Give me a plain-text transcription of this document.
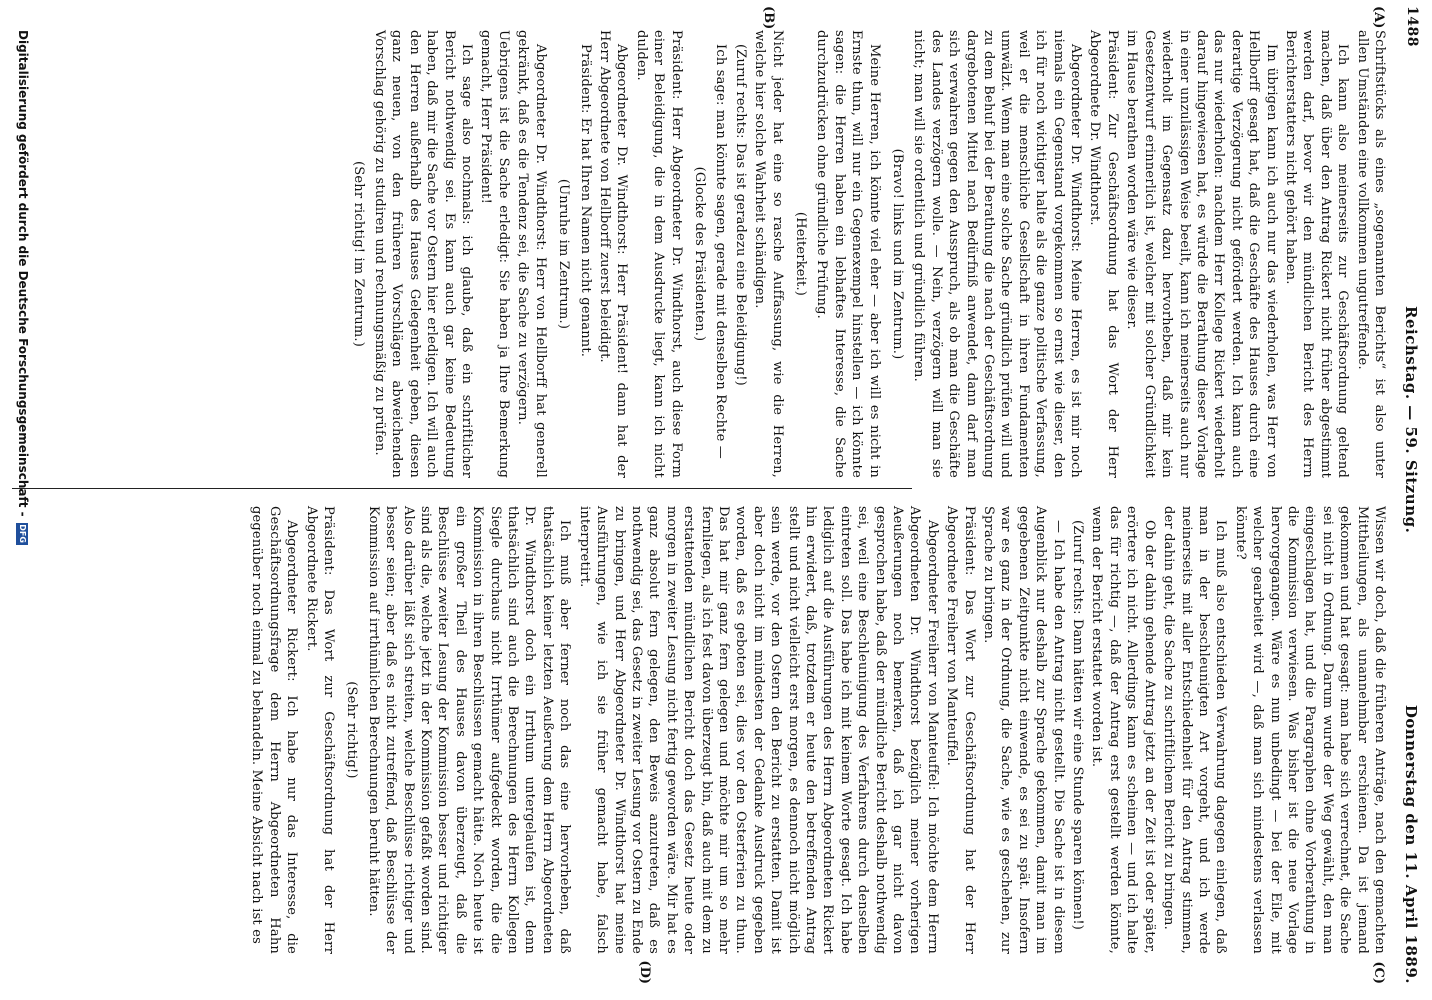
1488
Reichstag. — 59. Sitzung.
Donnerstag den 11. April 1889.
(A)
(B)
(C)
(D)

Schriftstücks als eines „sogenannten Berichts“ ist also unter allen Umständen eine vollkommen ungutreffende.

Ich kann also meinerseits zur Geschäftsordnung geltend machen, daß über den Antrag Rickert nicht früher abgestimmt werden darf, bevor wir den mündlichen Bericht des Herrn Berichterstatters nicht gehört haben.

Im übrigen kann ich auch nur das wiederholen, was Herr von Hellborff gesagt hat, daß die Geschäfte des Hauses durch eine derartige Verzögerung nicht gefördert werden. Ich kann auch das nur wiederholen: nachdem Herr Kollege Rickert wiederholt darauf hingewiesen hat, es würde die Berathung dieser Vorlage in einer unzulässigen Weise beeilt, kann ich meinerseits auch nur wiederholt im Gegensatz dazu hervorheben, daß mir kein Gesetzentwurf erinnerlich ist, welcher mit solcher Gründlichkeit im Hause berathen worden wäre wie dieser.

Präsident: Zur Geschäftsordnung hat das Wort der Herr Abgeordnete Dr. Windthorst.

Abgeordneter Dr. Windthorst: Meine Herren, es ist mir noch niemals ein Gegenstand vorgekommen so ernst wie dieser, den ich für noch wichtiger halte als die ganze politische Verfassung, weil er die menschliche Gesellschaft in ihren Fundamenten umwälzt. Wenn man eine solche Sache gründlich prüfen will und zu dem Behuf bei der Berathung die nach der Geschäftsordnung dargebotenen Mittel nach Bedürfniß anwendet, dann darf man sich verwahren gegen den Ausspruch, als ob man die Geschäfte des Landes verzögern wolle. — Nein, verzögern will man sie nicht; man will sie ordentlich und gründlich führen.

(Bravo! links und im Zentrum.)

Meine Herren, ich könnte viel eher — aber ich will es nicht in Ernste thun, will nur ein Gegenexempel hinstellen — ich könnte sagen: die Herren haben ein lebhaftes Interesse, die Sache durchzudrücken ohne gründliche Prüfung.

(Heiterkeit.)

Nicht jeder hat eine so rasche Auffassung, wie die Herren, welche hier solche Wahrheit schändigen.

(Zuruf rechts: Das ist geradezu eine Beleidigung!)

Ich sage: man könnte sagen, gerade mit denselben Rechte —

(Glocke des Präsidenten.)

Präsident: Herr Abgeordneter Dr. Windthorst, auch diese Form einer Beleidigung, die in dem Ausdrucke liegt, kann ich nicht dulden.

Abgeordneter Dr. Windthorst: Herr Präsident! dann hat der Herr Abgeordnete von Hellborff zuerst beleidigt.

Präsident: Er hat Ihren Namen nicht genannt.

(Unruhe im Zentrum.)

Abgeordneter Dr. Windthorst: Herr von Hellborff hat generell gekränkt, daß es die Tendenz sei, die Sache zu verzögern.

Uebrigens ist die Sache erledigt: Sie haben ja Ihre Bemerkung gemacht, Herr Präsident!

Ich sage also nochmals: ich glaube, daß ein schriftlicher Bericht nothwendig sei. Es kann auch gar keine Bedeutung haben, daß mir die Sache vor Ostern hier erledigen. Ich will auch den Herren außerhalb des Hauses Gelegenheit geben, diesen ganz neuen, von den früheren Vorschlägen abweichenden Vorschlag gehörig zu studiren und rechnungsmäßig zu prüfen.

(Sehr richtig! im Zentrum.)

Wissen wir doch, daß die früheren Anträge, nach den gemachten Mittheilungen, als unannehmbar erschienen. Da ist jemand gekommen und hat gesagt: man habe sich verrechnet, die Sache sei nicht in Ordnung. Darum wurde der Weg gewählt, den man eingeschlagen hat, und die Paragraphen ohne Vorberathung in die Kommission verwiesen. Was bisher ist die neue Vorlage hervorgegangen. Wäre es nun unbedingt — bei der Eile, mit welcher gearbeitet wird —, daß man sich mindestens verlassen könnte?

Ich muß also entschieden Verwahrung dagegen einlegen, daß man in der beschleunigten Art vorgeht, und ich werde meinerseits mit aller Entschiedenheit für den Antrag stimmen, der dahin geht, die Sache zu schriftlichem Bericht zu bringen.

Ob der dahin gehende Antrag jetzt an der Zeit ist oder später, erörtere ich nicht. Allerdings kann es scheinen — und ich halte das für richtig —, daß der Antrag erst gestellt werden könnte, wenn der Bericht erstattet worden ist.

(Zuruf rechts: Dann hätten wir eine Stunde sparen können!)

— Ich habe den Antrag nicht gestellt. Die Sache ist in diesem Augenblick nur deshalb zur Sprache gekommen, damit man im gegebenen Zeitpunkte nicht einwende, es sei zu spät. Insofern war es ganz in der Ordnung, die Sache, wie es geschehen, zur Sprache zu bringen.

Präsident: Das Wort zur Geschäftsordnung hat der Herr Abgeordnete Freiherr von Manteuffel.

Abgeordneter Freiherr von Manteuffel: Ich möchte dem Herrn Abgeordneten Dr. Windthorst bezüglich meiner vorherigen Aeußerungen noch bemerken, daß ich gar nicht davon gesprochen habe, daß der mündliche Bericht deshalb nothwendig sei, weil eine Beschleunigung des Verfahrens durch denselben eintreten soll. Das habe ich mit keinem Worte gesagt. Ich habe lediglich auf die Ausführungen des Herrn Abgeordneten Rickert hin erwidert, daß, trotzdem er heute den betreffenden Antrag stellt und nicht vielleicht erst morgen, es dennoch nicht möglich sein werde, vor den Ostern den Bericht zu erstatten. Damit ist aber doch nicht im mindesten der Gedanke Ausdruck gegeben worden, daß es geboten sei, dies vor den Osterferien zu thun. Das hat mir ganz fern gelegen und möchte mir um so mehr fernliegen, als ich fest davon überzeugt bin, daß auch mit dem zu erstattenden mündlichen Bericht doch das Gesetz heute oder morgen in zweiter Lesung nicht fertig geworden wäre. Mir hat es ganz absolut fern gelegen, den Beweis anzutreten, daß es nothwendig sei, das Gesetz in zweiter Lesung vor Ostern zu Ende zu bringen, und Herr Abgeordneter Dr. Windthorst hat meine Ausführungen, wie ich sie früher gemacht habe, falsch interpretirt.

Ich muß aber ferner noch das eine hervorheben, daß thatsächlich keiner letzten Aeußerung dem Herrn Abgeordneten Dr. Windthorst doch ein Irrthum untergelaufen ist, denn thatsächlich sind auch die Berechnungen des Herrn Kollegen Siegle durchaus nicht Irrthümer aufgedeckt worden, die die Kommission in ihren Beschlüssen gemacht hätte. Noch heute ist ein großer Theil des Hauses davon überzeugt, daß die Beschlüsse zweiter Lesung der Kommission besser und richtiger sind als die, welche jetzt in der Kommission gefaßt worden sind. Also darüber läßt sich streiten, welche Beschlüsse richtiger und besser seien; aber daß es nicht zutreffend, daß Beschlüsse der Kommission auf irrthümlichen Berechnungen beruht hätten.

(Sehr richtig!)

Präsident: Das Wort zur Geschäftsordnung hat der Herr Abgeordnete Rickert.

Abgeordneter Rickert: Ich habe nur das Interesse, die Geschäftsordnungsfrage dem Herrn Abgeordneten Hahn gegenüber noch einmal zu behandeln. Meine Absicht nach ist es

Digitalisierung gefördert durch die Deutsche Forschungsgemeinschaft -DFG
